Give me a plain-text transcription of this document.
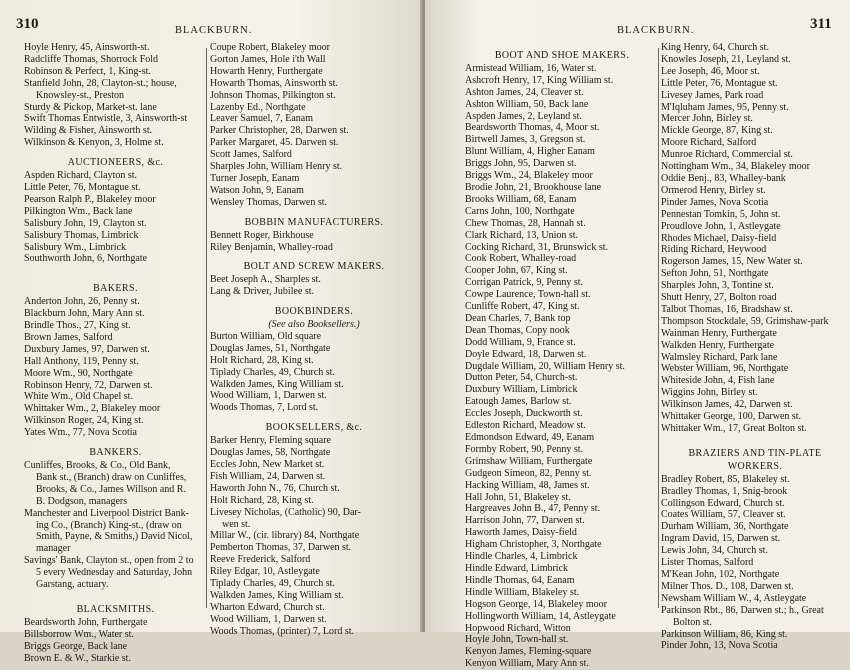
310	BLACKBURN.
Hoyle Henry, 45, Ainsworth-st.
Radcliffe Thomas, Shorrock Fold
Robinson & Perfect, 1, King-st.
Stanfield John, 28, Clayton-st.; house,
Knowsley-st., Preston
Sturdy & Pickop, Market-st. lane
Swift Thomas Entwistle, 3, Ainsworth-st
Wilding & Fisher, Ainsworth st.
Wilkinson & Kenyon, 3, Holme st.
AUCTIONEERS, &c.
Aspden Richard, Clayton st.
Little Peter, 76, Montague st.
Pearson Ralph P., Blakeley moor
Pilkington Wm., Back lane
Salisbury John, 19, Clayton st.
Salisbury Thomas, Limbrick
Salisbury Wm., Limbrick
Southworth John, 6, Northgate
BAKERS.
Anderton John, 26, Penny st.
Blackburn John, Mary Ann st.
Brindle Thos., 27, King st.
Brown James, Salford
Duxbury James, 97, Darwen st.
Hall Anthony, 119, Penny st.
Moore Wm., 90, Northgate
Robinson Henry, 72, Darwen st.
White Wm., Old Chapel st.
Whittaker Wm., 2, Blakeley moor
Wilkinson Roger, 24, King st.
Yates Wm., 77, Nova Scotia
BANKERS.
Cunliffes, Brooks, & Co., Old Bank,
Bank st., (Branch) draw on Cunliffes,
Brooks, & Co., James Willson and R.
B. Dodgson, managers
Manchester and Liverpool District Bank-
ing Co., (Branch) King-st., (draw on
Smith, Payne, & Smiths,) David Nicol,
manager
Savings' Bank, Clayton st., open from 2 to
5 every Wednesday and Saturday, John
Garstang, actuary.
BLACKSMITHS.
Beardsworth John, Furthergate
Billsborrow Wm., Water st.
Briggs George, Back lane
Brown E. & W., Starkie st.
Coupe Robert, Blakeley moor
Gorton James, Hole i'th Wall
Howarth Henry, Furthergate
Howarth Thomas, Ainsworth st.
Johnson Thomas, Pilkington st.
Lazenby Ed., Northgate
Leaver Samuel, 7, Eanam
Parker Christopher, 28, Darwen st.
Parker Margaret, 45. Darwen st.
Scott James, Salford
Sharples John, William Henry st.
Turner Joseph, Eanam
Watson John, 9, Eanam
Wensley Thomas, Darwen st.
BOBBIN MANUFACTURERS.
Bennett Roger, Birkhouse
Riley Benjamin, Whalley-road
BOLT AND SCREW MAKERS.
Beet Joseph A., Sharples st.
Lang & Driver, Jubilee st.
BOOKBINDERS.
(See also Booksellers.)
Burton William, Old square
Douglas James, 51, Northgate
Holt Richard, 28, King st.
Tiplady Charles, 49, Church st.
Walkden James, King William st.
Wood William, 1, Darwen st.
Woods Thomas, 7, Lord st.
BOOKSELLERS, &c.
Barker Henry, Fleming square
Douglas James, 58, Northgate
Eccles John, New Market st.
Fish William, 24, Darwen st.
Haworth John N., 76, Church st.
Holt Richard, 28, King st.
Livesey Nicholas, (Catholic) 90, Dar-
wen st.
Millar W., (cir. library) 84, Northgate
Pemberton Thomas, 37, Darwen st.
Reeve Frederick, Salford
Riley Edgar, 10, Astleygate
Tiplady Charles, 49, Church st.
Walkden James, King William st.
Wharton Edward, Church st.
Wood William, 1, Darwen st.
Woods Thomas, (printer) 7, Lord st.
BLACKBURN.	311
BOOT AND SHOE MAKERS.
Armistead William, 16, Water st.
Ashcroft Henry, 17, King William st.
Ashton James, 24, Cleaver st.
Ashton William, 50, Back lane
Aspden James, 2, Leyland st.
Beardsworth Thomas, 4, Moor st.
Birtwell James, 3, Gregson st.
Blunt William, 4, Higher Eanam
Briggs John, 95, Darwen st.
Briggs Wm., 24, Blakeley moor
Brodie John, 21, Brookhouse lane
Brooks William, 68, Eanam
Carns John, 100, Northgate
Chew Thomas, 28, Hannah st.
Clark Richard, 13, Union st.
Cocking Richard, 31, Brunswick st.
Cook Robert, Whalley-road
Cooper John, 67, King st.
Corrigan Patrick, 9, Penny st.
Cowpe Laurence, Town-hall st.
Cunliffe Robert, 47, King st.
Dean Charles, 7, Bank top
Dean Thomas, Copy nook
Dodd William, 9, France st.
Doyle Edward, 18, Darwen st.
Dugdale William, 20, William Henry st.
Dutton Peter, 54, Church-st.
Duxbury William, Limbrick
Eatough James, Barlow st.
Eccles Joseph, Duckworth st.
Edleston Richard, Meadow st.
Edmondson Edward, 49, Eanam
Formby Robert, 90, Penny st.
Grimshaw William, Furthergate
Gudgeon Simeon, 82, Penny st.
Hacking William, 48, James st.
Hall John, 51, Blakeley st.
Hargreaves John B., 47, Penny st.
Harrison John, 77, Darwen st.
Haworth James, Daisy-field
Higham Christopher, 3, Northgate
Hindle Charles, 4, Limbrick
Hindle Edward, Limbrick
Hindle Thomas, 64, Eanam
Hindle William, Blakeley st.
Hogson George, 14, Blakeley moor
Hollingworth William, 14, Astleygate
Hopwood Richard, Witton
Hoyle John, Town-hall st.
Kenyon James, Fleming-square
Kenyon William, Mary Ann st.
King Henry, 64, Church st.
Knowles Joseph, 21, Leyland st.
Lee Joseph, 46, Moor st.
Little Peter, 76, Montague st.
Livesey James, Park road
M'Iqluham James, 95, Penny st.
Mercer John, Birley st.
Mickle George, 87, King st.
Moore Richard, Salford
Munroe Richard, Commercial st.
Nottingham Wm., 34, Blakeley moor
Oddie Benj., 83, Whalley-bank
Ormerod Henry, Birley st.
Pinder James, Nova Scotia
Pennestan Tomkin, 5, John st.
Proudlove John, 1, Astleygate
Rhodes Michael, Daisy-field
Riding Richard, Heywood
Rogerson James, 15, New Water st.
Sefton John, 51, Northgate
Sharples John, 3, Tontine st.
Shutt Henry, 27, Bolton road
Talbot Thomas, 16, Bradshaw st.
Thompson Stockdale, 59, Grimshaw-park
Wainman Henry, Furthergate
Walkden Henry, Furthergate
Walmsley Richard, Park lane
Webster William, 96, Northgate
Whiteside John, 4, Fish lane
Wiggins John, Birley st.
Wilkinson James, 42, Darwen st.
Whittaker George, 100, Darwen st.
Whittaker Wm., 17, Great Bolton st.
BRAZIERS AND TIN-PLATE
WORKERS.
Bradley Robert, 85, Blakeley st.
Bradley Thomas, 1, Snig-brook
Collingson Edward, Church st.
Coates William, 57, Cleaver st.
Durham William, 36, Northgate
Ingram David, 15, Darwen st.
Lewis John, 34, Church st.
Lister Thomas, Salford
M'Kean John, 102, Northgate
Milner Thos. D., 108, Darwen st.
Newsham William W., 4, Astleygate
Parkinson Rbt., 86, Darwen st.; h., Great
Bolton st.
Parkinson William, 86, King st.
Pinder John, 13, Nova Scotia
